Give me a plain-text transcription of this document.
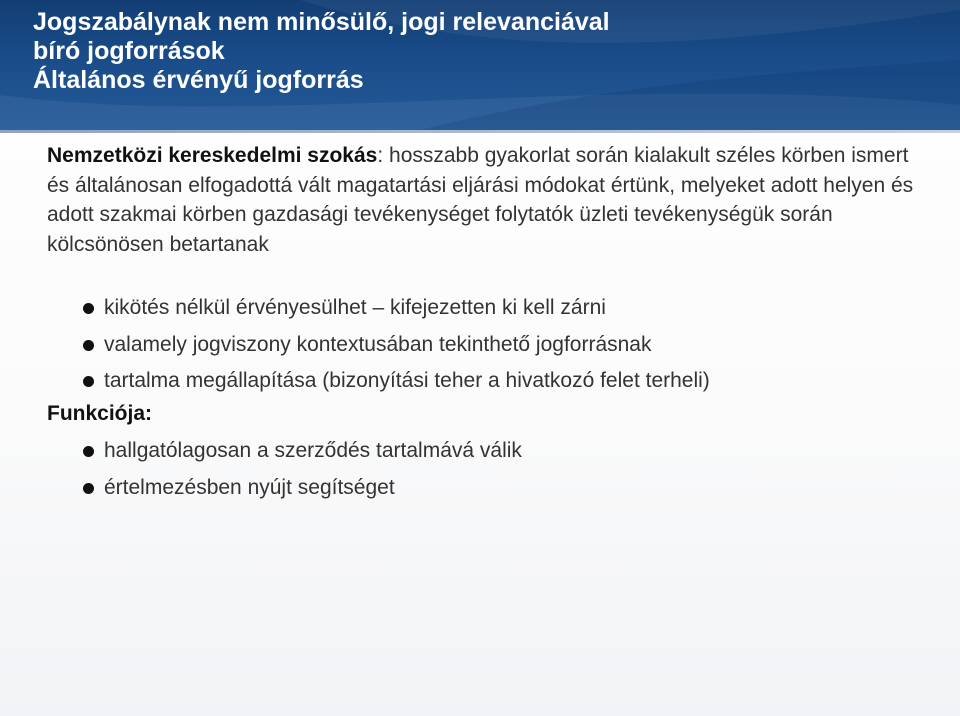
Jogszabálynak nem minősülő, jogi relevanciával
bíró jogforrások
Általános érvényű jogforrás

Nemzetközi kereskedelmi szokás: hosszabb gyakorlat során kialakult széles körben ismert és általánosan elfogadottá vált magatartási eljárási módokat értünk, melyeket adott helyen és adott szakmai körben gazdasági tevékenységet folytatók üzleti tevékenységük során kölcsönösen betartanak

kikötés nélkül érvényesülhet – kifejezetten ki kell zárni
valamely jogviszony kontextusában tekinthető jogforrásnak
tartalma megállapítása (bizonyítási teher a hivatkozó felet terheli)
Funkciója:
hallgatólagosan a szerződés tartalmává válik
értelmezésben nyújt segítséget
